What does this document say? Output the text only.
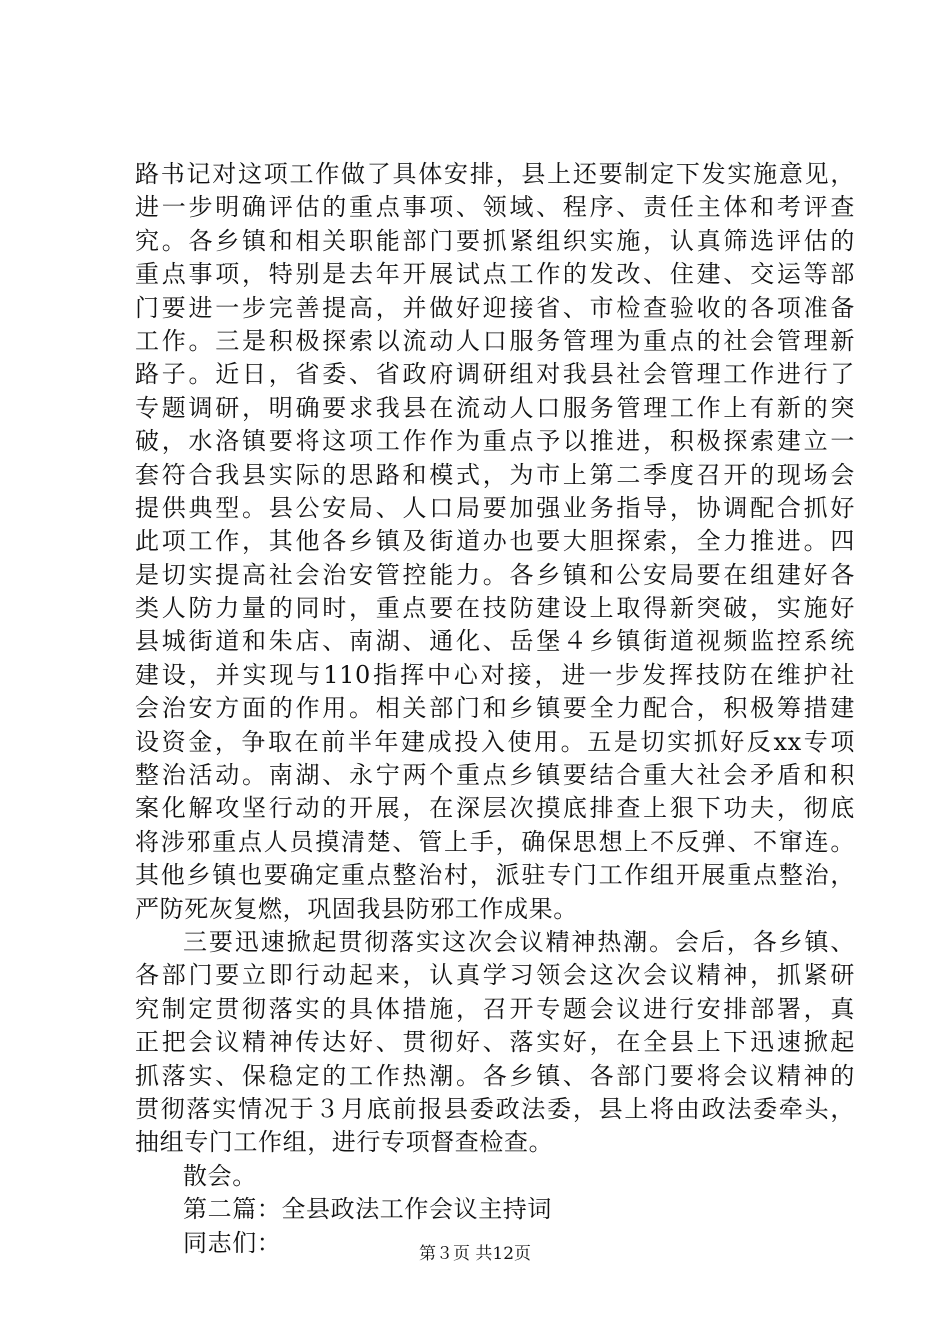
路书记对这项工作做了具体安排，县上还要制定下发实施意见，
进一步明确评估的重点事项、领域、程序、责任主体和考评查
究。各乡镇和相关职能部门要抓紧组织实施，认真筛选评估的
重点事项，特别是去年开展试点工作的发改、住建、交运等部
门要进一步完善提高，并做好迎接省、市检查验收的各项准备
工作。三是积极探索以流动人口服务管理为重点的社会管理新
路子。近日，省委、省政府调研组对我县社会管理工作进行了
专题调研，明确要求我县在流动人口服务管理工作上有新的突
破，水洛镇要将这项工作作为重点予以推进，积极探索建立一
套符合我县实际的思路和模式，为市上第二季度召开的现场会
提供典型。县公安局、人口局要加强业务指导，协调配合抓好
此项工作，其他各乡镇及街道办也要大胆探索，全力推进。四
是切实提高社会治安管控能力。各乡镇和公安局要在组建好各
类人防力量的同时，重点要在技防建设上取得新突破，实施好
县城街道和朱店、南湖、通化、岳堡４乡镇街道视频监控系统
建设，并实现与110指挥中心对接，进一步发挥技防在维护社
会治安方面的作用。相关部门和乡镇要全力配合，积极筹措建
设资金，争取在前半年建成投入使用。五是切实抓好反xx专项
整治活动。南湖、永宁两个重点乡镇要结合重大社会矛盾和积
案化解攻坚行动的开展，在深层次摸底排查上狠下功夫，彻底
将涉邪重点人员摸清楚、管上手，确保思想上不反弹、不窜连。
其他乡镇也要确定重点整治村，派驻专门工作组开展重点整治，
严防死灰复燃，巩固我县防邪工作成果。
三要迅速掀起贯彻落实这次会议精神热潮。会后，各乡镇、
各部门要立即行动起来，认真学习领会这次会议精神，抓紧研
究制定贯彻落实的具体措施，召开专题会议进行安排部署，真
正把会议精神传达好、贯彻好、落实好，在全县上下迅速掀起
抓落实、保稳定的工作热潮。各乡镇、各部门要将会议精神的
贯彻落实情况于３月底前报县委政法委，县上将由政法委牵头，
抽组专门工作组，进行专项督查检查。
散会。
第二篇：全县政法工作会议主持词
同志们：	第３页 共12页
